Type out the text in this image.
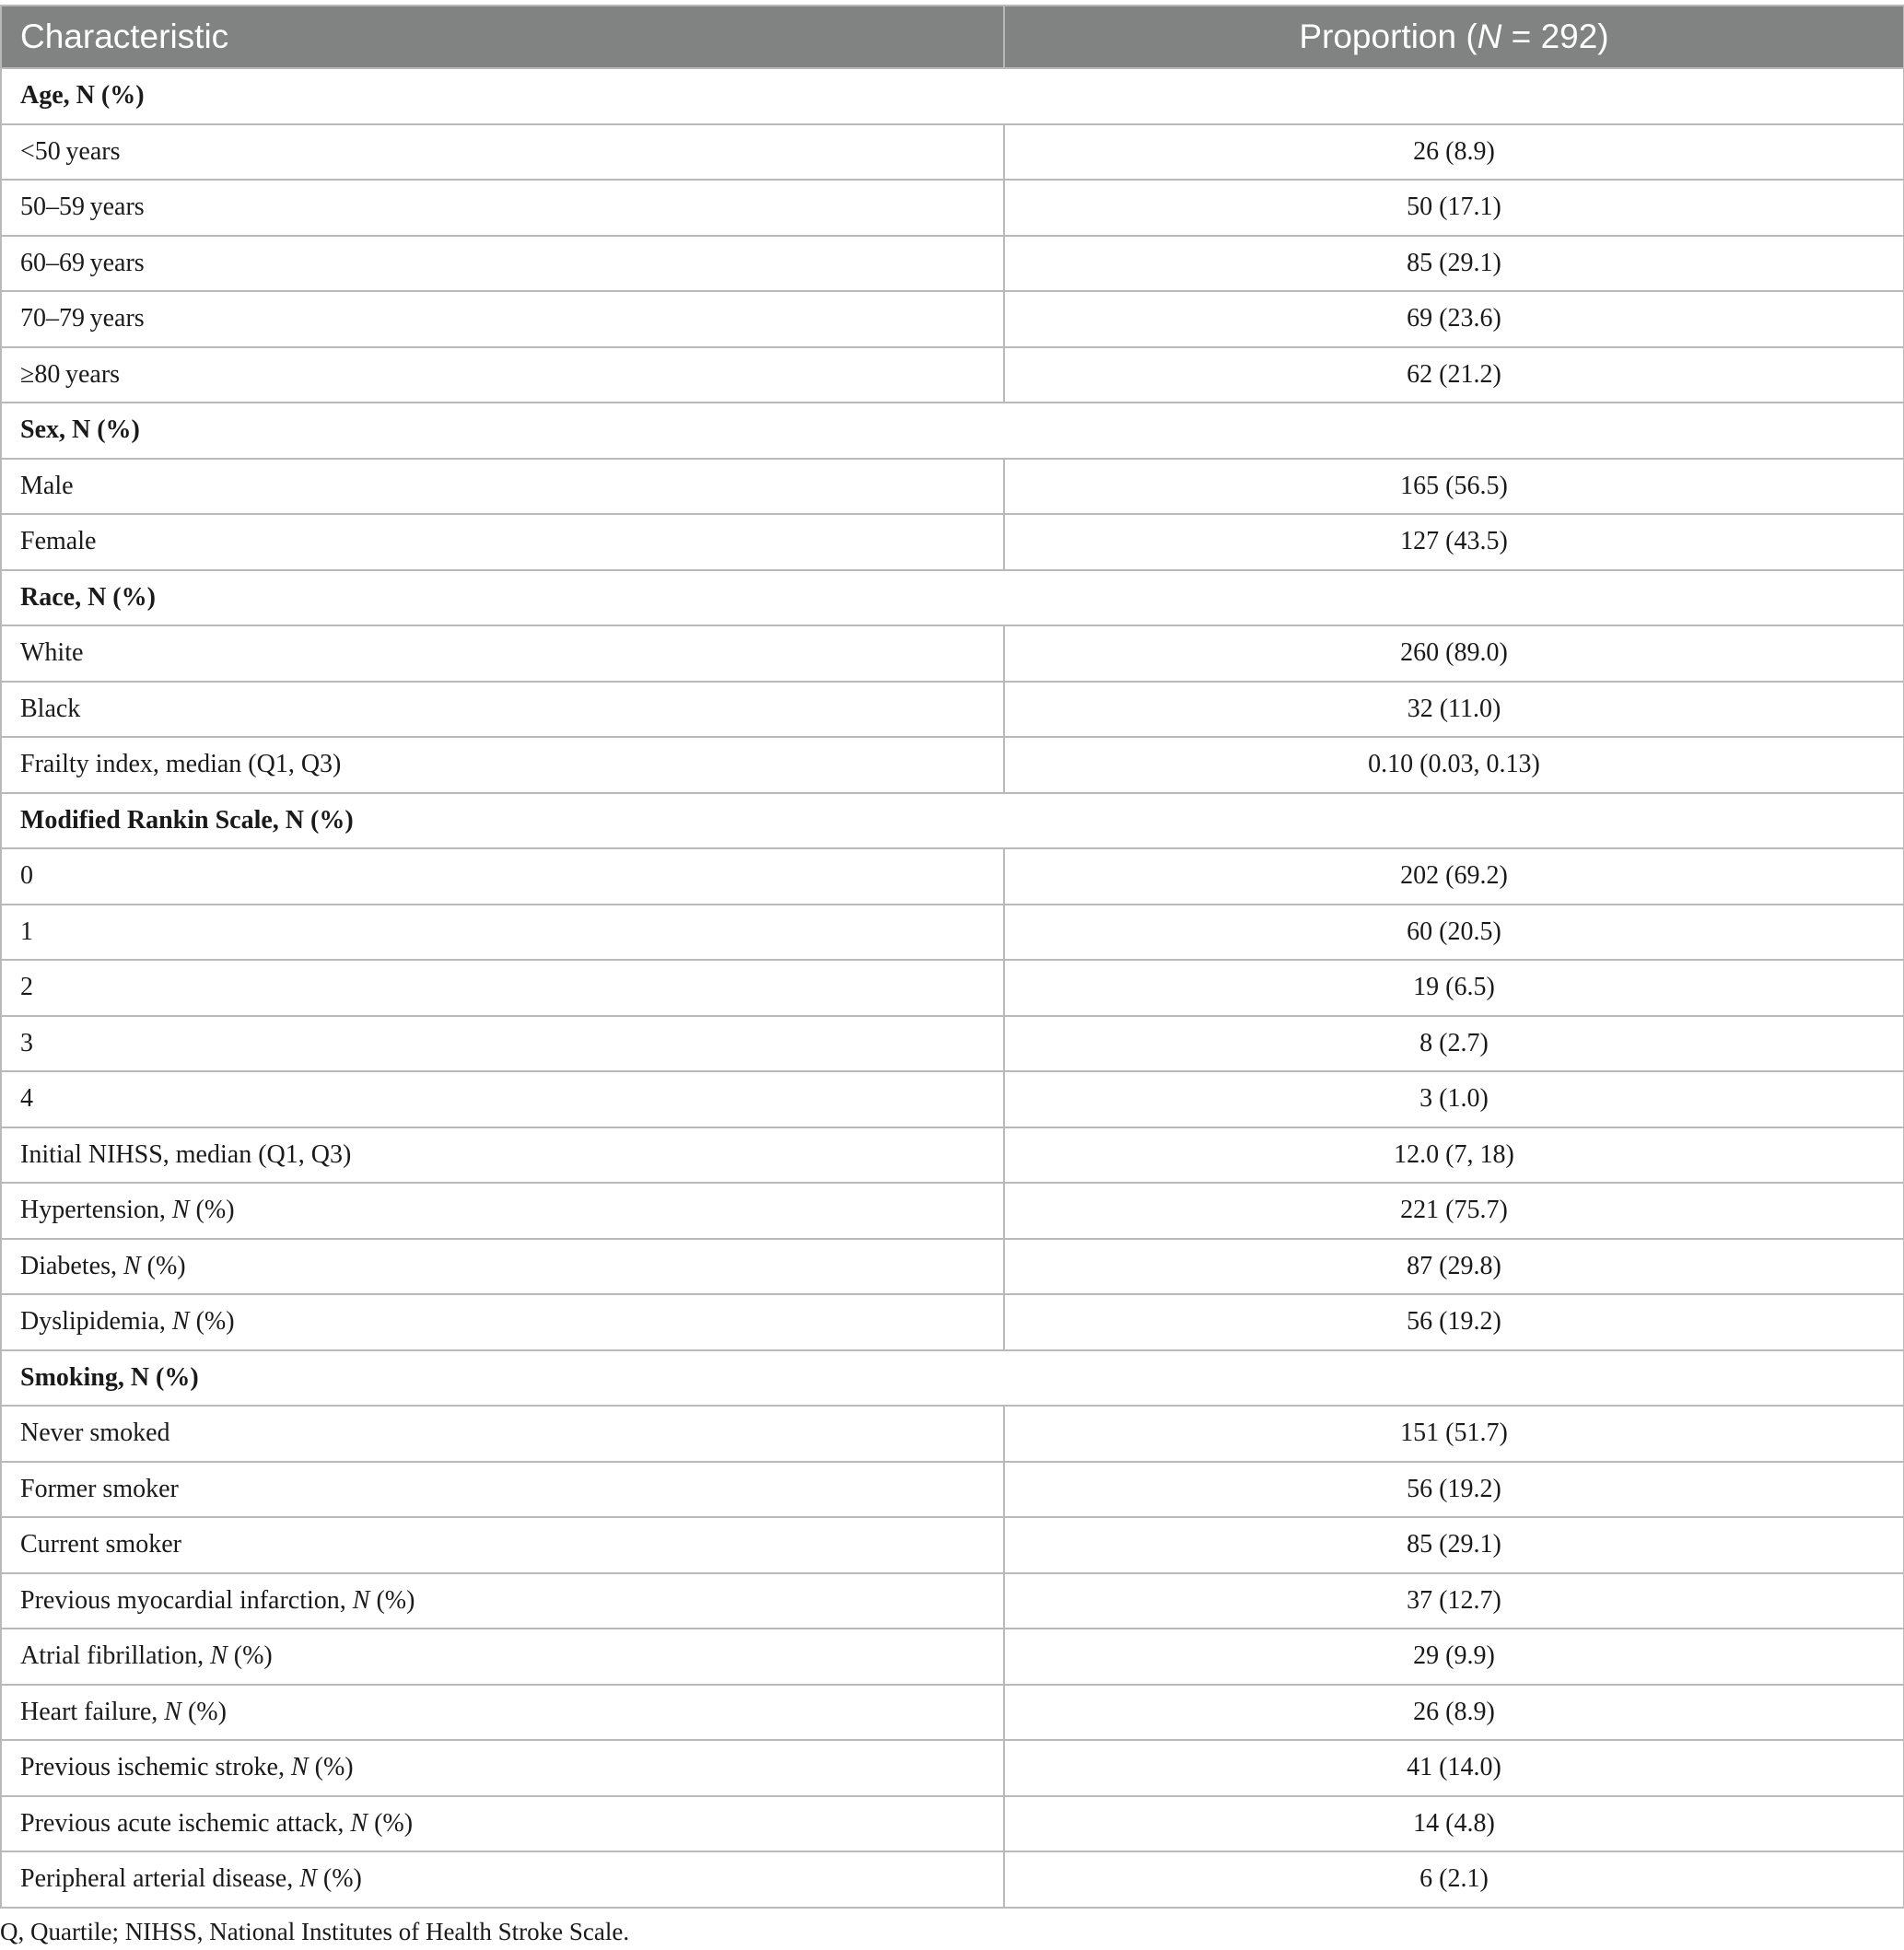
Characteristic	Proportion (N = 292)
Age, N (%)	
<50 years	26 (8.9)
50–59 years	50 (17.1)
60–69 years	85 (29.1)
70–79 years	69 (23.6)
≥80 years	62 (21.2)
Sex, N (%)	
Male	165 (56.5)
Female	127 (43.5)
Race, N (%)	
White	260 (89.0)
Black	32 (11.0)
Frailty index, median (Q1, Q3)	0.10 (0.03, 0.13)
Modified Rankin Scale, N (%)	
0	202 (69.2)
1	60 (20.5)
2	19 (6.5)
3	8 (2.7)
4	3 (1.0)
Initial NIHSS, median (Q1, Q3)	12.0 (7, 18)
Hypertension, N (%)	221 (75.7)
Diabetes, N (%)	87 (29.8)
Dyslipidemia, N (%)	56 (19.2)
Smoking, N (%)	
Never smoked	151 (51.7)
Former smoker	56 (19.2)
Current smoker	85 (29.1)
Previous myocardial infarction, N (%)	37 (12.7)
Atrial fibrillation, N (%)	29 (9.9)
Heart failure, N (%)	26 (8.9)
Previous ischemic stroke, N (%)	41 (14.0)
Previous acute ischemic attack, N (%)	14 (4.8)
Peripheral arterial disease, N (%)	6 (2.1)
Q, Quartile; NIHSS, National Institutes of Health Stroke Scale.
